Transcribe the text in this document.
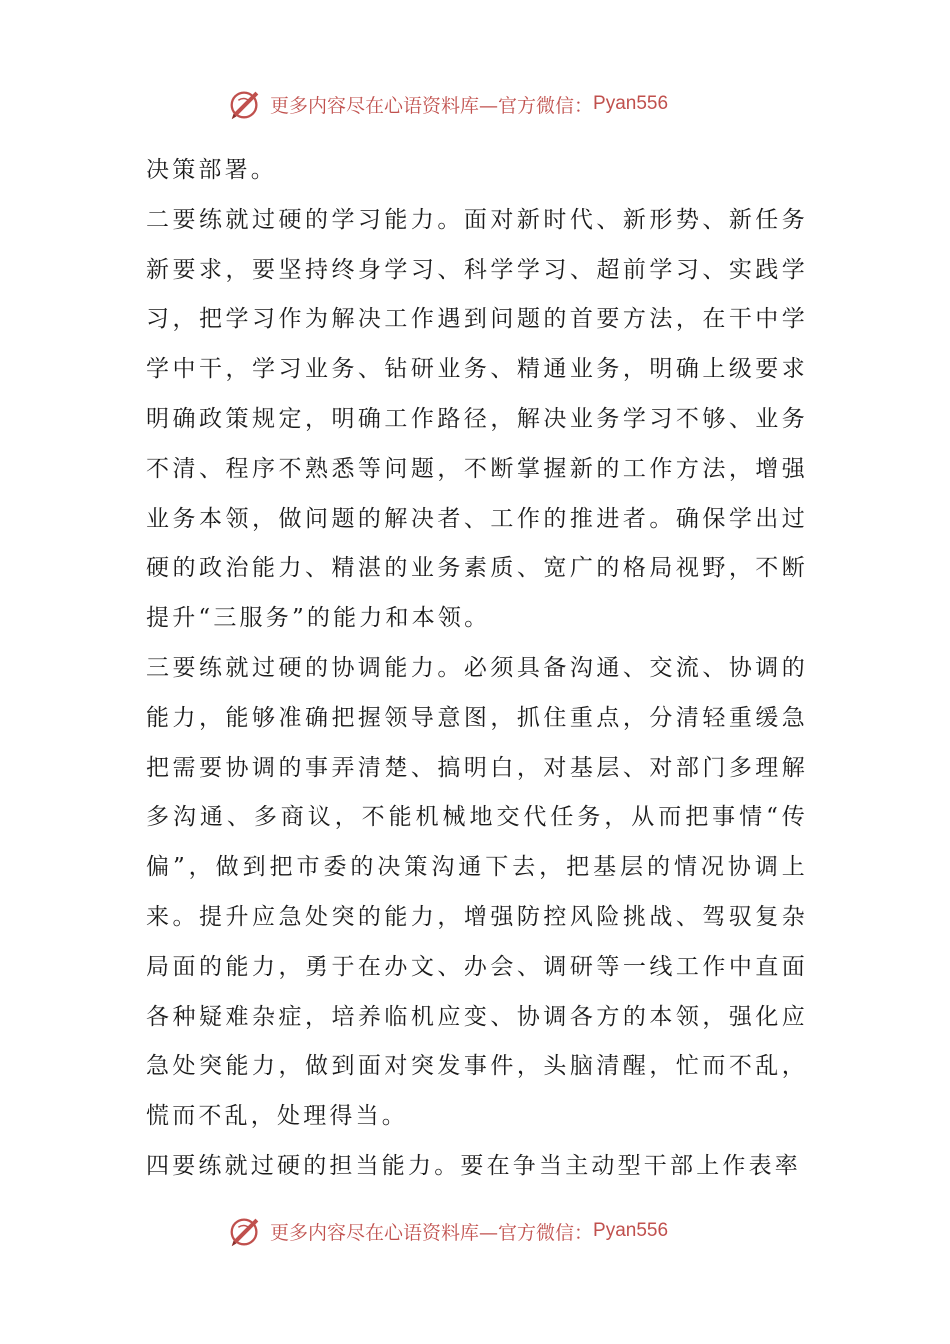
更多内容尽在心语资料库—官方微信： Pyan556

决策部署。

二要练就过硬的学习能力。面对新时代、新形势、新任务新要求，要坚持终身学习、科学学习、超前学习、实践学习，把学习作为解决工作遇到问题的首要方法，在干中学学中干，学习业务、钻研业务、精通业务，明确上级要求明确政策规定，明确工作路径，解决业务学习不够、业务不清、程序不熟悉等问题，不断掌握新的工作方法，增强业务本领，做问题的解决者、工作的推进者。确保学出过硬的政治能力、精湛的业务素质、宽广的格局视野，不断提升“三服务”的能力和本领。

三要练就过硬的协调能力。必须具备沟通、交流、协调的能力，能够准确把握领导意图，抓住重点，分清轻重缓急把需要协调的事弄清楚、搞明白，对基层、对部门多理解多沟通、多商议，不能机械地交代任务，从而把事情“传偏”，做到把市委的决策沟通下去，把基层的情况协调上来。提升应急处突的能力，增强防控风险挑战、驾驭复杂局面的能力，勇于在办文、办会、调研等一线工作中直面各种疑难杂症，培养临机应变、协调各方的本领，强化应急处突能力，做到面对突发事件，头脑清醒，忙而不乱，慌而不乱，处理得当。

四要练就过硬的担当能力。要在争当主动型干部上作表率

更多内容尽在心语资料库—官方微信： Pyan556
